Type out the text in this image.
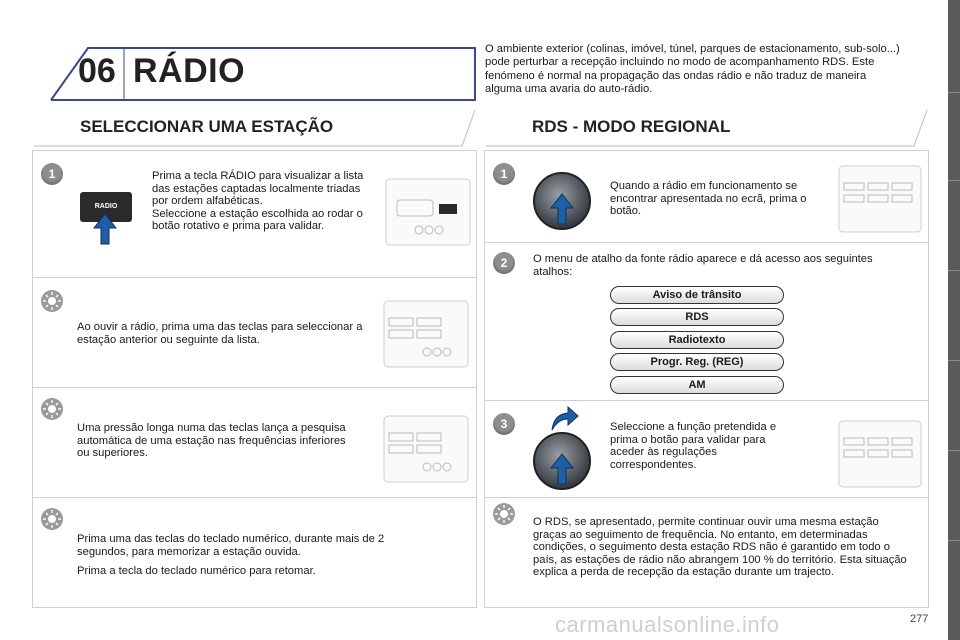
06 RÁDIO
O ambiente exterior (colinas, imóvel, túnel, parques de estacionamento, sub-solo...) pode perturbar a recepção incluindo no modo de acompanhamento RDS. Este fenómeno é normal na propagação das ondas rádio e não traduz de maneira alguma uma avaria do auto-rádio.
SELECCIONAR UMA ESTAÇÃO
1
RADIO

Prima a tecla RÁDIO para visualizar a lista das estações captadas localmente triadas por ordem alfabéticas.

Seleccione a estação escolhida ao rodar o botão rotativo e prima para validar.

Ao ouvir a rádio, prima uma das teclas para seleccionar a estação anterior ou seguinte da lista.
Uma pressão longa numa das teclas lança a pesquisa automática de uma estação nas frequências inferiores ou superiores.

Prima uma das teclas do teclado numérico, durante mais de 2 segundos, para memorizar a estação ouvida.

Prima a tecla do teclado numérico para retomar.

RDS - MODO REGIONAL
1
Quando a rádio em funcionamento se encontrar apresentada no ecrã, prima o botão.
2	O menu de atalho da fonte rádio aparece e dá acesso aos seguintes atalhos:
Aviso de trânsito
RDS
Radiotexto
Progr. Reg. (REG)
AM
3	Seleccione a função pretendida e prima o botão para validar para aceder às regulações correspondentes.
O RDS, se apresentado, permite continuar ouvir uma mesma estação graças ao seguimento de frequência. No entanto, em determinadas condições, o seguimento desta estação RDS não é garantido em todo o país, as estações de rádio não abrangem 100 % do território. Esta situação explica a perda de recepção da estação durante um trajecto.
carmanualsonline.info	277
